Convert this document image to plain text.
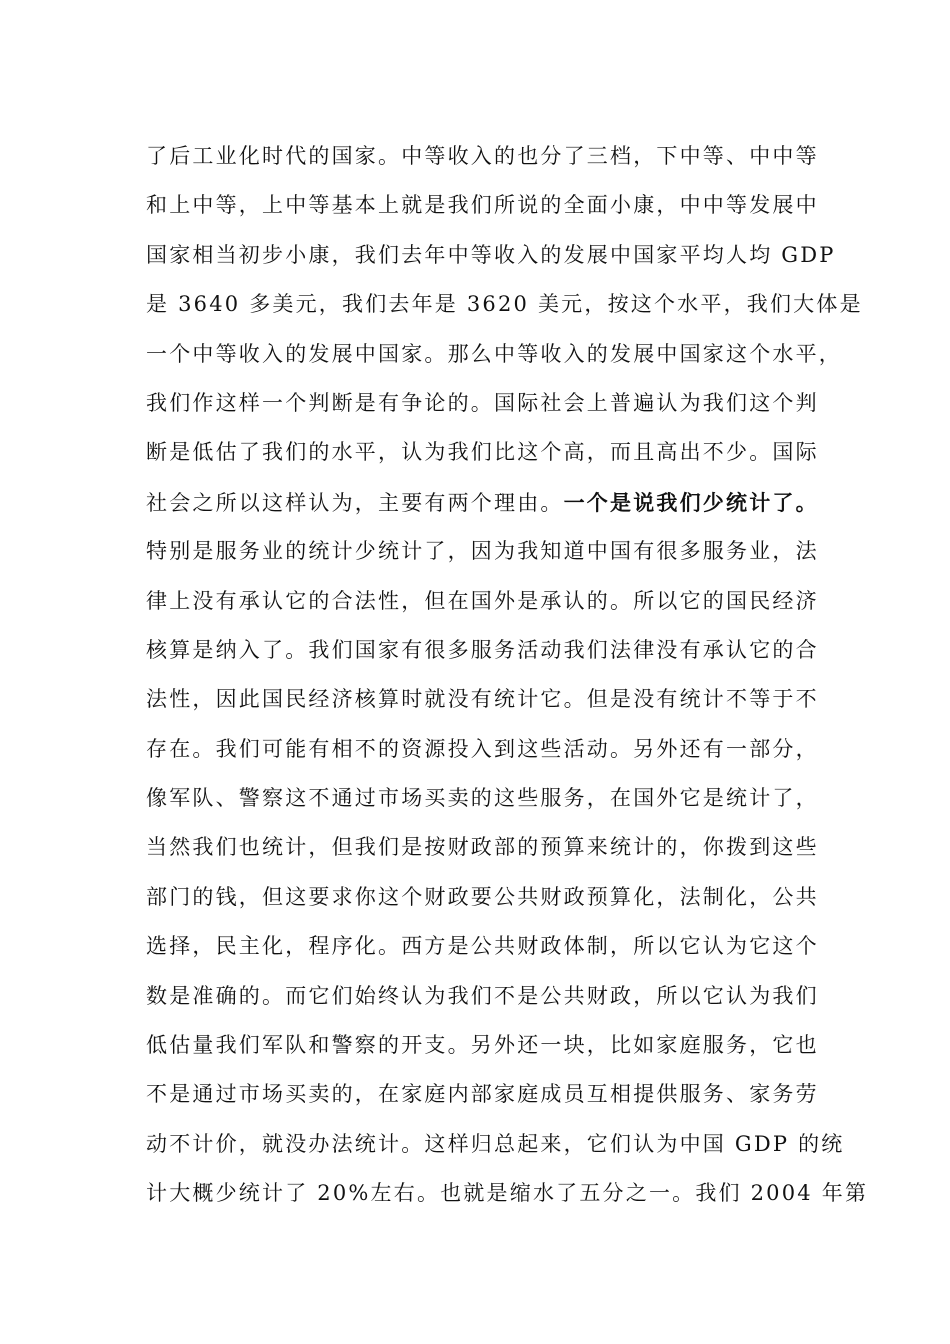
了后工业化时代的国家。中等收入的也分了三档，下中等、中中等
和上中等，上中等基本上就是我们所说的全面小康，中中等发展中
国家相当初步小康，我们去年中等收入的发展中国家平均人均 GDP
是 3640 多美元，我们去年是 3620 美元，按这个水平，我们大体是
一个中等收入的发展中国家。那么中等收入的发展中国家这个水平，
我们作这样一个判断是有争论的。国际社会上普遍认为我们这个判
断是低估了我们的水平，认为我们比这个高，而且高出不少。国际
社会之所以这样认为，主要有两个理由。一个是说我们少统计了。
特别是服务业的统计少统计了，因为我知道中国有很多服务业，法
律上没有承认它的合法性，但在国外是承认的。所以它的国民经济
核算是纳入了。我们国家有很多服务活动我们法律没有承认它的合
法性，因此国民经济核算时就没有统计它。但是没有统计不等于不
存在。我们可能有相不的资源投入到这些活动。另外还有一部分，
像军队、警察这不通过市场买卖的这些服务，在国外它是统计了，
当然我们也统计，但我们是按财政部的预算来统计的，你拨到这些
部门的钱，但这要求你这个财政要公共财政预算化，法制化，公共
选择，民主化，程序化。西方是公共财政体制，所以它认为它这个
数是准确的。而它们始终认为我们不是公共财政，所以它认为我们
低估量我们军队和警察的开支。另外还一块，比如家庭服务，它也
不是通过市场买卖的，在家庭内部家庭成员互相提供服务、家务劳
动不计价，就没办法统计。这样归总起来，它们认为中国 GDP 的统
计大概少统计了 20%左右。也就是缩水了五分之一。我们 2004 年第
